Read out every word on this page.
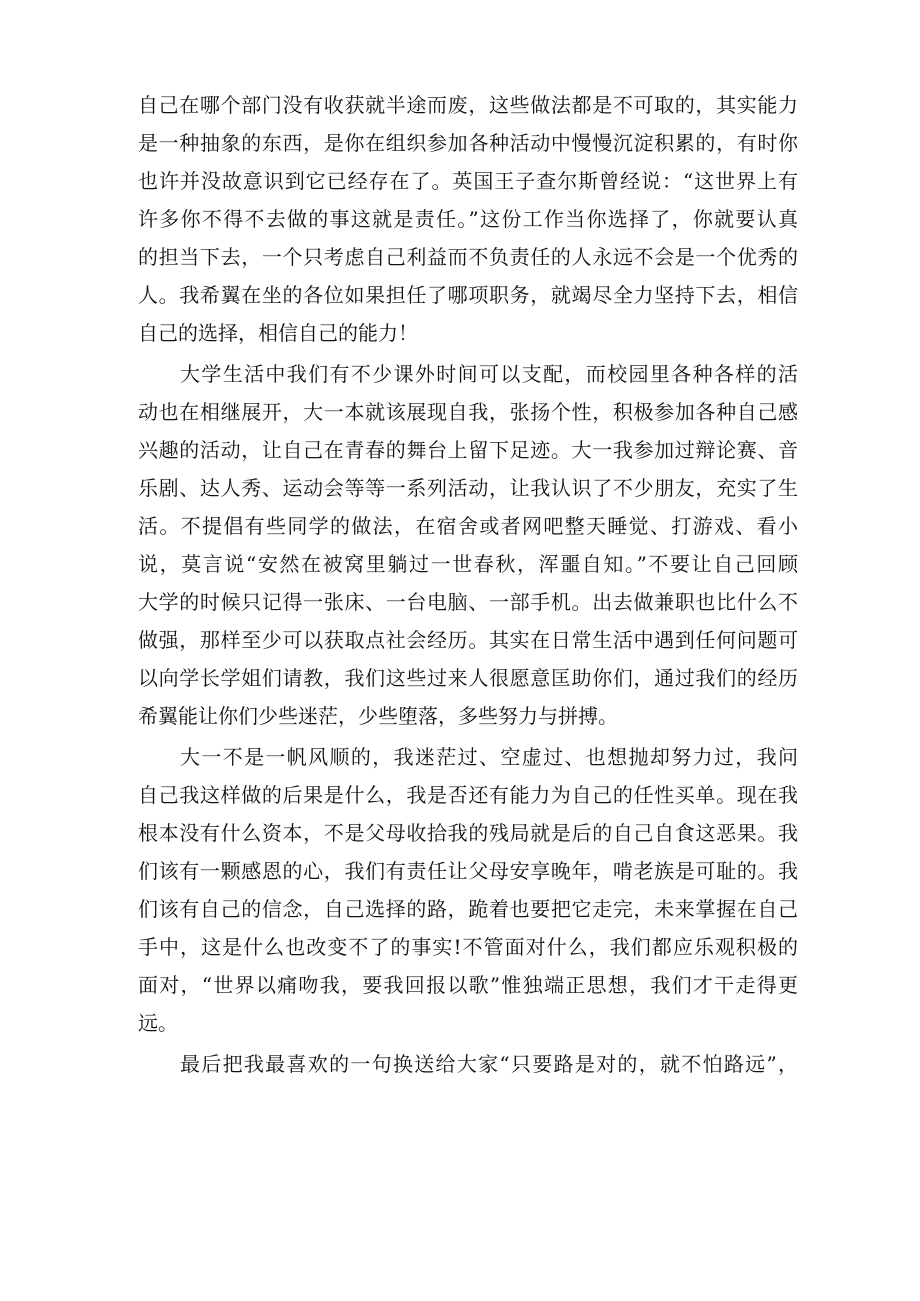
自己在哪个部门没有收获就半途而废，这些做法都是不可取的，其实能力
是一种抽象的东西，是你在组织参加各种活动中慢慢沉淀积累的，有时你
也许并没故意识到它已经存在了。英国王子查尔斯曾经说：“这世界上有
许多你不得不去做的事这就是责任。”这份工作当你选择了，你就要认真
的担当下去，一个只考虑自己利益而不负责任的人永远不会是一个优秀的
人。我希翼在坐的各位如果担任了哪项职务，就竭尽全力坚持下去，相信
自己的选择，相信自己的能力！
大学生活中我们有不少课外时间可以支配，而校园里各种各样的活
动也在相继展开，大一本就该展现自我，张扬个性，积极参加各种自己感
兴趣的活动，让自己在青春的舞台上留下足迹。大一我参加过辩论赛、音
乐剧、达人秀、运动会等等一系列活动，让我认识了不少朋友，充实了生
活。不提倡有些同学的做法，在宿舍或者网吧整天睡觉、打游戏、看小
说，莫言说“安然在被窝里躺过一世春秋，浑噩自知。”不要让自己回顾
大学的时候只记得一张床、一台电脑、一部手机。出去做兼职也比什么不
做强，那样至少可以获取点社会经历。其实在日常生活中遇到任何问题可
以向学长学姐们请教，我们这些过来人很愿意匡助你们，通过我们的经历
希翼能让你们少些迷茫，少些堕落，多些努力与拼搏。
大一不是一帆风顺的，我迷茫过、空虚过、也想抛却努力过，我问
自己我这样做的后果是什么，我是否还有能力为自己的任性买单。现在我
根本没有什么资本，不是父母收拾我的残局就是后的自己自食这恶果。我
们该有一颗感恩的心，我们有责任让父母安享晚年，啃老族是可耻的。我
们该有自己的信念，自己选择的路，跪着也要把它走完，未来掌握在自己
手中，这是什么也改变不了的事实!不管面对什么，我们都应乐观积极的
面对，“世界以痛吻我，要我回报以歌”惟独端正思想，我们才干走得更
远。
最后把我最喜欢的一句换送给大家“只要路是对的，就不怕路远”，
